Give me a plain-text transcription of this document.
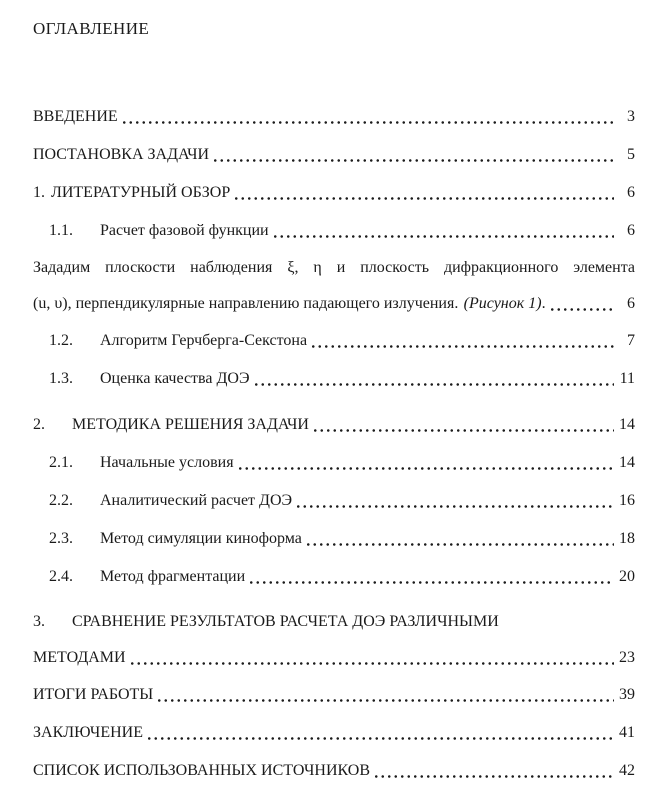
ОГЛАВЛЕНИЕ
ВВЕДЕНИЕ	3
ПОСТАНОВКА ЗАДАЧИ	5
1. ЛИТЕРАТУРНЫЙ ОБЗОР	6
1.1.	Расчет фазовой функции	6
Зададим плоскости наблюдения ξ, η и плоскость дифракционного элемента
(u, υ), перпендикулярные направлению падающего излучения. (Рисунок 1) .	6
1.2.	Алгоритм Герчберга-Секстона	7
1.3.	Оценка качества ДОЭ	11
2.	МЕТОДИКА РЕШЕНИЯ ЗАДАЧИ	14
2.1.	Начальные условия	14
2.2.	Аналитический расчет ДОЭ	16
2.3.	Метод симуляции киноформа	18
2.4.	Метод фрагментации	20
3.	СРАВНЕНИЕ РЕЗУЛЬТАТОВ РАСЧЕТА ДОЭ РАЗЛИЧНЫМИ
МЕТОДАМИ	23
ИТОГИ РАБОТЫ	39
ЗАКЛЮЧЕНИЕ	41
СПИСОК ИСПОЛЬЗОВАННЫХ ИСТОЧНИКОВ	42
